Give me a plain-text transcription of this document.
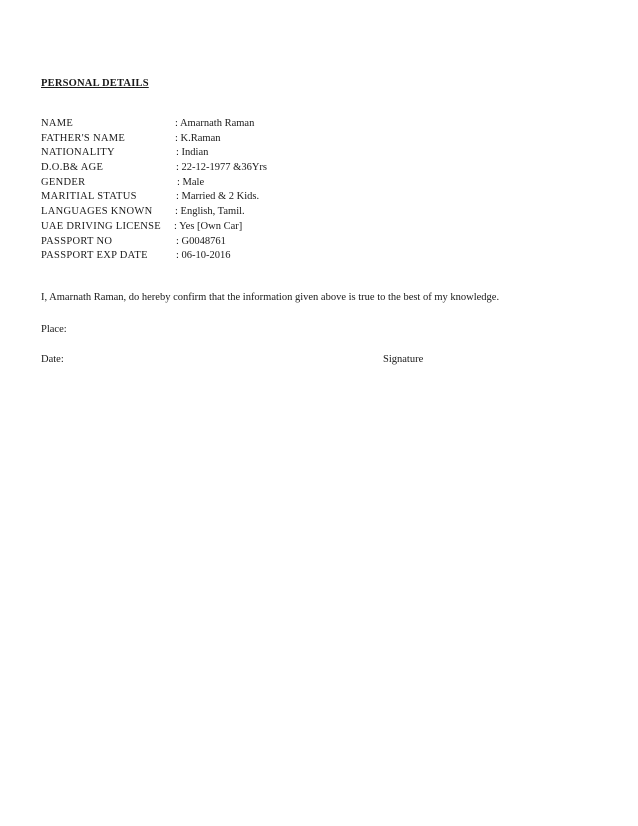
PERSONAL DETAILS
NAME	: Amarnath Raman
FATHER'S NAME	: K.Raman
NATIONALITY	: Indian
D.O.B& AGE	: 22-12-1977 &36Yrs
GENDER	: Male
MARITIAL STATUS	: Married & 2 Kids.
LANGUAGES KNOWN : English, Tamil.
UAE DRIVING LICENSE : Yes [Own Car]
PASSPORT NO	: G0048761
PASSPORT EXP DATE	: 06-10-2016
I, Amarnath Raman, do hereby confirm that the information given above is true to the best of my knowledge.
Place:
Date:	Signature
